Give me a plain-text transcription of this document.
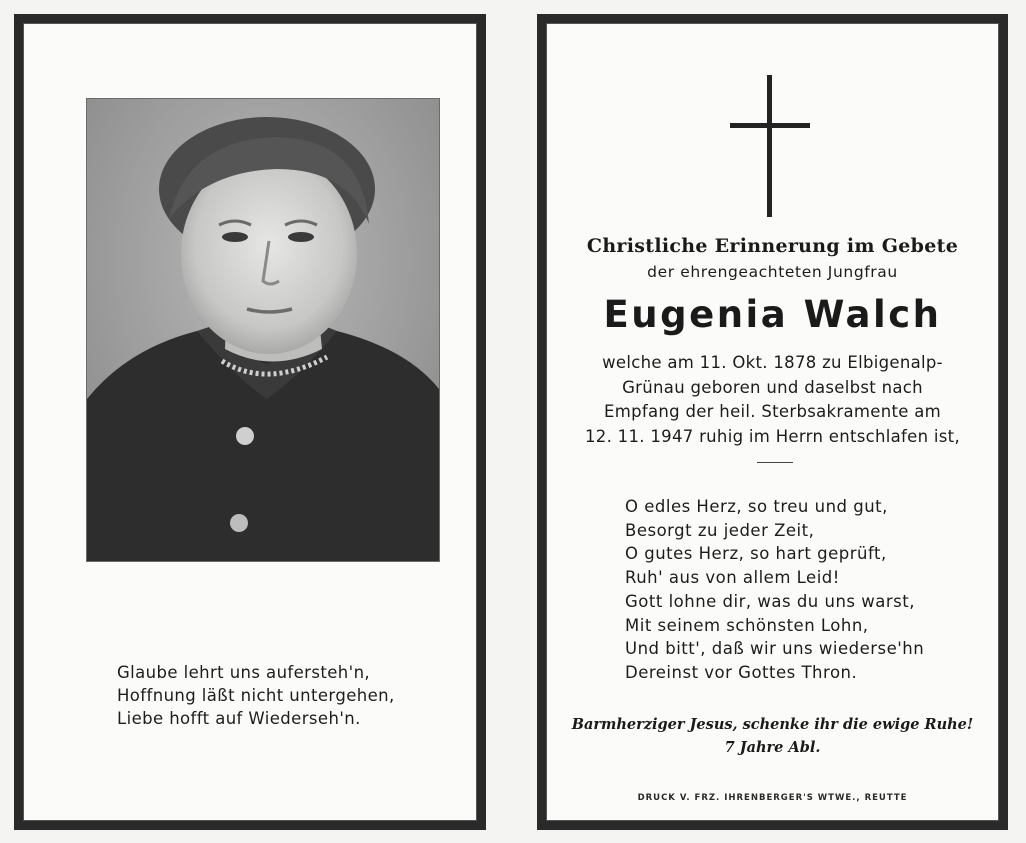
Glaube lehrt uns aufersteh'n,
Hoffnung läßt nicht untergehen,
Liebe hofft auf Wiederseh'n.
Christliche Erinnerung im Gebete
der ehrengeachteten Jungfrau
Eugenia Walch
welche am 11. Okt. 1878 zu Elbigenalp-
Grünau geboren und daselbst nach
Empfang der heil. Sterbsakramente am
12. 11. 1947 ruhig im Herrn entschlafen ist,
O edles Herz, so treu und gut,
Besorgt zu jeder Zeit,
O gutes Herz, so hart geprüft,
Ruh' aus von allem Leid!
Gott lohne dir, was du uns warst,
Mit seinem schönsten Lohn,
Und bitt', daß wir uns wiederse'hn
Dereinst vor Gottes Thron.
Barmherziger Jesus, schenke ihr die ewige Ruhe!
7 Jahre Abl.
DRUCK V. FRZ. IHRENBERGER'S WTWE., REUTTE
